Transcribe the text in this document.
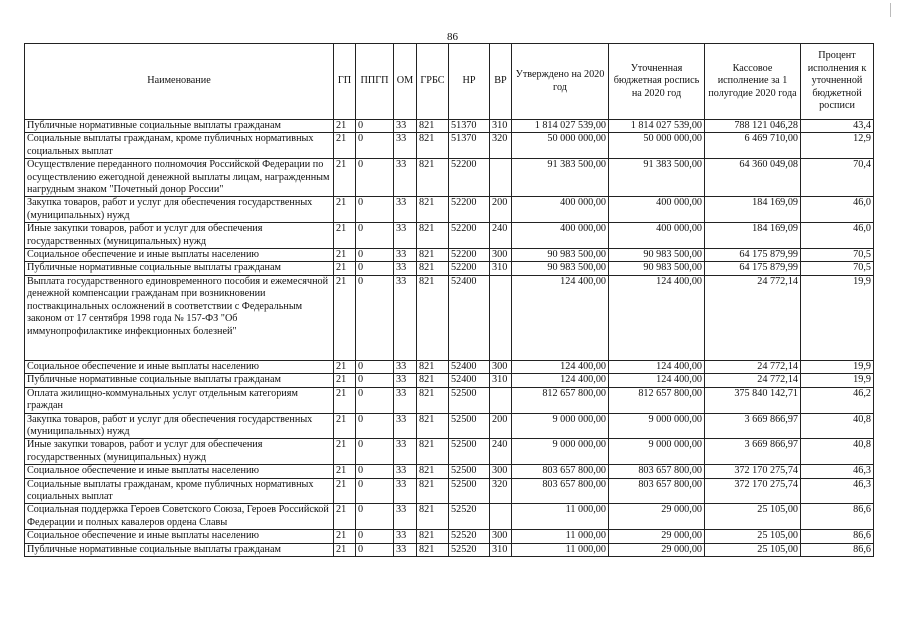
86
Наименование	ГП	ППГП	ОМ	ГРБС	НР	ВР	Утверждено на 2020 год	Уточненная бюджетная роспись на 2020 год	Кассовое исполнение за 1 полугодие 2020 года	Процент исполнения к уточненной бюджетной росписи
Публичные нормативные социальные выплаты гражданам	21	0	33	821	51370	310	1 814 027 539,00	1 814 027 539,00	788 121 046,28	43,4
Социальные выплаты гражданам, кроме публичных нормативных социальных выплат	21	0	33	821	51370	320	50 000 000,00	50 000 000,00	6 469 710,00	12,9
Осуществление переданного полномочия Российской Федерации по осуществлению ежегодной денежной выплаты лицам, награжденным нагрудным знаком "Почетный донор России"	21	0	33	821	52200		91 383 500,00	91 383 500,00	64 360 049,08	70,4
Закупка товаров, работ и услуг для обеспечения государственных (муниципальных) нужд	21	0	33	821	52200	200	400 000,00	400 000,00	184 169,09	46,0
Иные закупки товаров, работ и услуг для обеспечения государственных (муниципальных) нужд	21	0	33	821	52200	240	400 000,00	400 000,00	184 169,09	46,0
Социальное обеспечение и иные выплаты населению	21	0	33	821	52200	300	90 983 500,00	90 983 500,00	64 175 879,99	70,5
Публичные нормативные социальные выплаты гражданам	21	0	33	821	52200	310	90 983 500,00	90 983 500,00	64 175 879,99	70,5
Выплата государственного единовременного пособия и ежемесячной денежной компенсации гражданам при возникновении поствакцинальных осложнений в соответствии с Федеральным законом от 17 сентября 1998 года № 157-ФЗ "Об иммунопрофилактике инфекционных болезней"	21	0	33	821	52400		124 400,00	124 400,00	24 772,14	19,9
Социальное обеспечение и иные выплаты населению	21	0	33	821	52400	300	124 400,00	124 400,00	24 772,14	19,9
Публичные нормативные социальные выплаты гражданам	21	0	33	821	52400	310	124 400,00	124 400,00	24 772,14	19,9
Оплата жилищно-коммунальных услуг отдельным категориям граждан	21	0	33	821	52500		812 657 800,00	812 657 800,00	375 840 142,71	46,2
Закупка товаров, работ и услуг для обеспечения государственных (муниципальных) нужд	21	0	33	821	52500	200	9 000 000,00	9 000 000,00	3 669 866,97	40,8
Иные закупки товаров, работ и услуг для обеспечения государственных (муниципальных) нужд	21	0	33	821	52500	240	9 000 000,00	9 000 000,00	3 669 866,97	40,8
Социальное обеспечение и иные выплаты населению	21	0	33	821	52500	300	803 657 800,00	803 657 800,00	372 170 275,74	46,3
Социальные выплаты гражданам, кроме публичных нормативных социальных выплат	21	0	33	821	52500	320	803 657 800,00	803 657 800,00	372 170 275,74	46,3
Социальная поддержка Героев Советского Союза, Героев Российской Федерации и полных кавалеров ордена Славы	21	0	33	821	52520		11 000,00	29 000,00	25 105,00	86,6
Социальное обеспечение и иные выплаты населению	21	0	33	821	52520	300	11 000,00	29 000,00	25 105,00	86,6
Публичные нормативные социальные выплаты гражданам	21	0	33	821	52520	310	11 000,00	29 000,00	25 105,00	86,6
